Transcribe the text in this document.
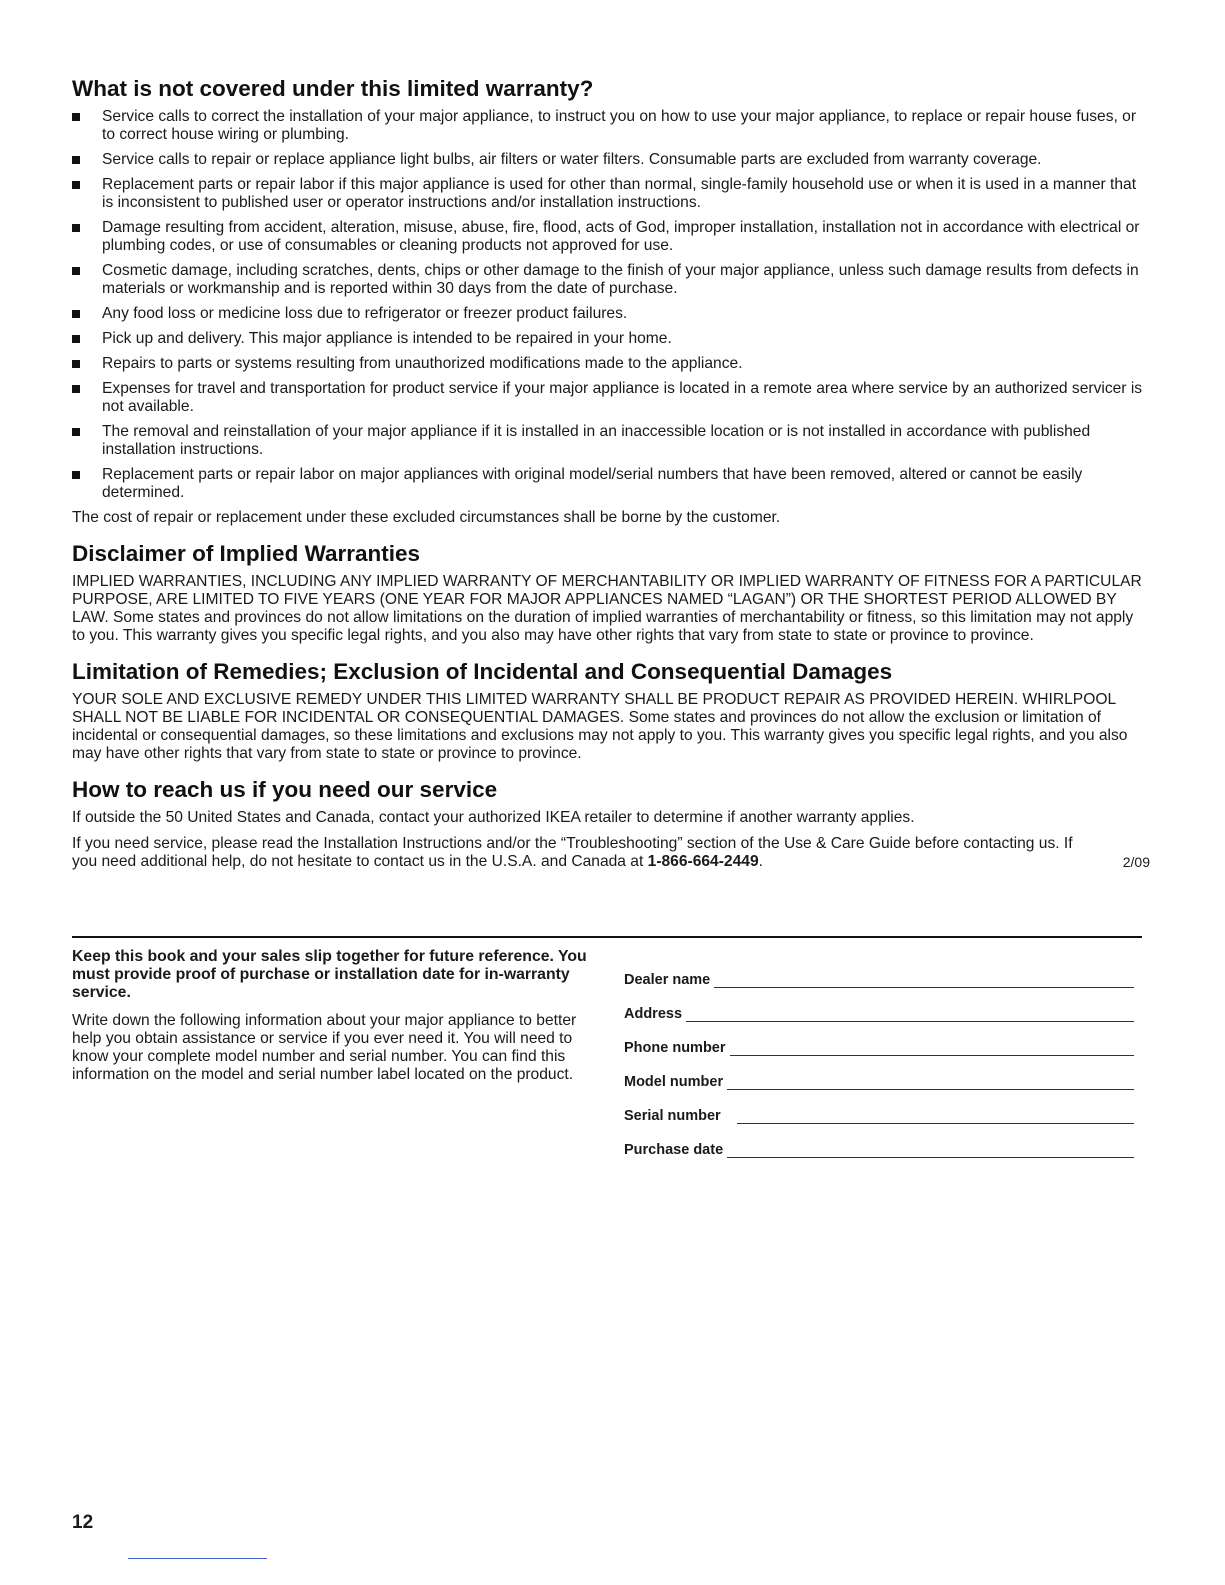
What is not covered under this limited warranty?
Service calls to correct the installation of your major appliance, to instruct you on how to use your major appliance, to replace or repair house fuses, or to correct house wiring or plumbing.
Service calls to repair or replace appliance light bulbs, air filters or water filters. Consumable parts are excluded from warranty coverage.
Replacement parts or repair labor if this major appliance is used for other than normal, single-family household use or when it is used in a manner that is inconsistent to published user or operator instructions and/or installation instructions.
Damage resulting from accident, alteration, misuse, abuse, fire, flood, acts of God, improper installation, installation not in accordance with electrical or plumbing codes, or use of consumables or cleaning products not approved for use.
Cosmetic damage, including scratches, dents, chips or other damage to the finish of your major appliance, unless such damage results from defects in materials or workmanship and is reported within 30 days from the date of purchase.
Any food loss or medicine loss due to refrigerator or freezer product failures.
Pick up and delivery. This major appliance is intended to be repaired in your home.
Repairs to parts or systems resulting from unauthorized modifications made to the appliance.
Expenses for travel and transportation for product service if your major appliance is located in a remote area where service by an authorized servicer is not available.
The removal and reinstallation of your major appliance if it is installed in an inaccessible location or is not installed in accordance with published installation instructions.
Replacement parts or repair labor on major appliances with original model/serial numbers that have been removed, altered or cannot be easily determined.

The cost of repair or replacement under these excluded circumstances shall be borne by the customer.

Disclaimer of Implied Warranties

IMPLIED WARRANTIES, INCLUDING ANY IMPLIED WARRANTY OF MERCHANTABILITY OR IMPLIED WARRANTY OF FITNESS FOR A PARTICULAR PURPOSE, ARE LIMITED TO FIVE YEARS (ONE YEAR FOR MAJOR APPLIANCES NAMED “LAGAN”) OR THE SHORTEST PERIOD ALLOWED BY LAW. Some states and provinces do not allow limitations on the duration of implied warranties of merchantability or fitness, so this limitation may not apply to you. This warranty gives you specific legal rights, and you also may have other rights that vary from state to state or province to province.

Limitation of Remedies; Exclusion of Incidental and Consequential Damages

YOUR SOLE AND EXCLUSIVE REMEDY UNDER THIS LIMITED WARRANTY SHALL BE PRODUCT REPAIR AS PROVIDED HEREIN. WHIRLPOOL SHALL NOT BE LIABLE FOR INCIDENTAL OR CONSEQUENTIAL DAMAGES. Some states and provinces do not allow the exclusion or limitation of incidental or consequential damages, so these limitations and exclusions may not apply to you. This warranty gives you specific legal rights, and you also may have other rights that vary from state to state or province to province.

How to reach us if you need our service

If outside the 50 United States and Canada, contact your authorized IKEA retailer to determine if another warranty applies.

If you need service, please read the Installation Instructions and/or the “Troubleshooting” section of the Use & Care Guide before contacting us. If you need additional help, do not hesitate to contact us in the U.S.A. and Canada at 1-866-664-2449.	2/09

Keep this book and your sales slip together for future reference. You must provide proof of purchase or installation date for in-warranty service.

Write down the following information about your major appliance to better help you obtain assistance or service if you ever need it. You will need to know your complete model number and serial number. You can find this information on the model and serial number label located on the product.

Dealer name
Address
Phone number
Model number
Serial number
Purchase date
12
